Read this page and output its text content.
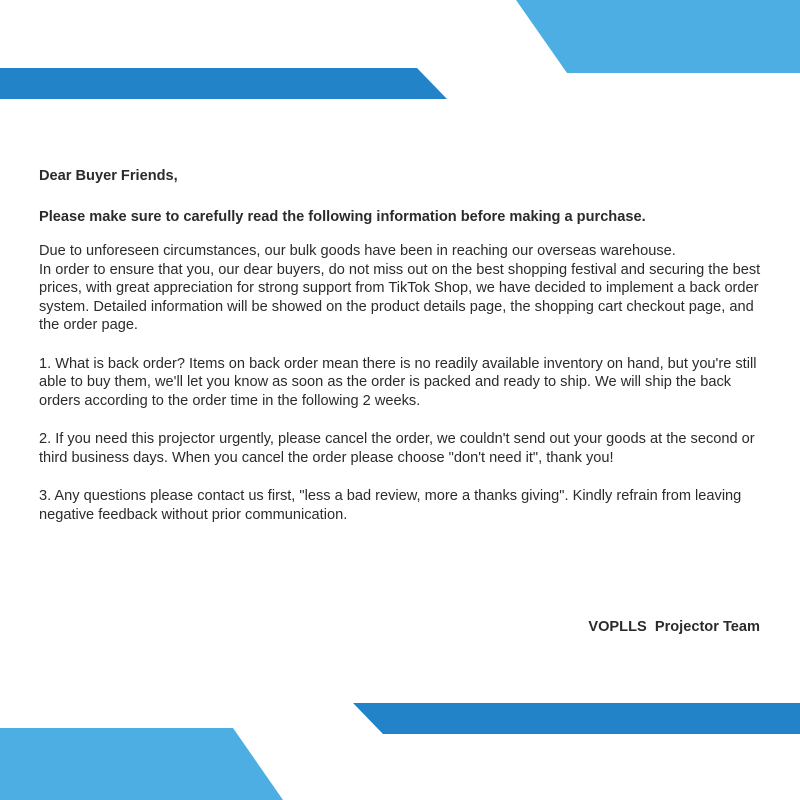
Dear Buyer Friends,

Please make sure to carefully read the following information before making a purchase.

Due to unforeseen circumstances, our bulk goods have been in reaching our overseas warehouse.

In order to ensure that you, our dear buyers, do not miss out on the best shopping festival and securing the best prices, with great appreciation for strong support from TikTok Shop, we have decided to implement a back order system. Detailed information will be showed on the product details page, the shopping cart checkout page, and the order page.

1. What is back order? Items on back order mean there is no readily available inventory on hand, but you're still able to buy them, we'll let you know as soon as the order is packed and ready to ship. We will ship the back orders according to the order time in the following 2 weeks.

2. If you need this projector urgently, please cancel the order, we couldn't send out your goods at the second or third business days. When you cancel the order please choose "don't need it", thank you!

3. Any questions please contact us first, "less a bad review, more a thanks giving". Kindly refrain from leaving negative feedback without prior communication.

VOPLLS  Projector Team
